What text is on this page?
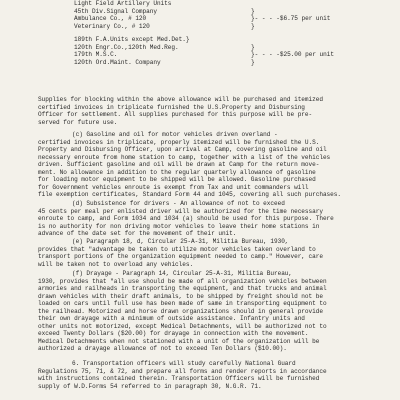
Light Field Artillery Units
45th Div.Signal Company	}
Ambulance Co., # 120	}- - - -$6.75 per unit
Veterinary Co., # 120	}
189th F.A.Units except Med.Det.}
120th Engr.Co.,120th Med.Reg.	}
179th M.S.C.	}- - - -$25.00 per unit
120th Ord.Maint. Company	}
Supplies for blocking within the above allowance will be purchased and itemized
certified invoices in triplicate furnished the U.S.Property and Disbursing
Officer for settlement. All supplies purchased for this purpose will be pre-
served for future use.
(c) Gasoline and oil for motor vehicles driven overland -
certified invoices in triplicate, properly itemized will be furnished the U.S.
Property and Disbursing Officer, upon arrival at Camp, covering gasoline and oil
necessary enroute from home station to camp, together with a list of the vehicles
driven. Sufficient gasoline and oil will be drawn at Camp for the return move-
ment. No allowance in addition to the regular quarterly allowance of gasoline
for loading motor equipment to be shipped will be allowed. Gasoline purchased
for Government vehicles enroute is exempt from Tax and unit commanders will
file exemption certificates, Standard Form 44 and 1045, covering all such purchases.
(d) Subsistence for drivers - An allowance of not to exceed
45 cents per meal per enlisted driver will be authorized for the time necessary
enroute to camp, and Form 1034 and 1034 (a) should be used for this purpose. There
is no authority for non driving motor vehicles to leave their home stations in
advance of the date set for the movement of their unit.
(e) Paragraph 18, d, Circular 25-A-31, Militia Bureau, 1930,
provides that "advantage be taken to utilize motor vehicles taken overland to
transport portions of the organization equipment needed to camp." However, care
will be taken not to overload any vehicles.
(f) Drayage - Paragraph 14, Circular 25-A-31, Militia Bureau,
1930, provides that "all use should be made of all organization vehicles between
armories and railheads in transporting the equipment, and that trucks and animal
drawn vehicles with their draft animals, to be shipped by freight should not be
loaded on cars until full use has been made of same in transporting equipment to
the railhead. Motorized and horse drawn organizations should in general provide
their own drayage with a minimum of outside assistance. Infantry units and
other units not motorized, except Medical Detachments, will be authorized not to
exceed Twenty Dollars ($20.00) for drayage in connection with the movement.
Medical Detachments when not stationed with a unit of the organization will be
authorized a drayage allowance of not to exceed Ten Dollars ($10.00).
6. Transportation officers will study carefully National Guard
Regulations 75, 71, & 72, and prepare all forms and render reports in accordance
with instructions contained therein. Transportation Officers will be furnished
supply of W.D.Forms 54 referred to in paragraph 30, N.G.R. 71.
